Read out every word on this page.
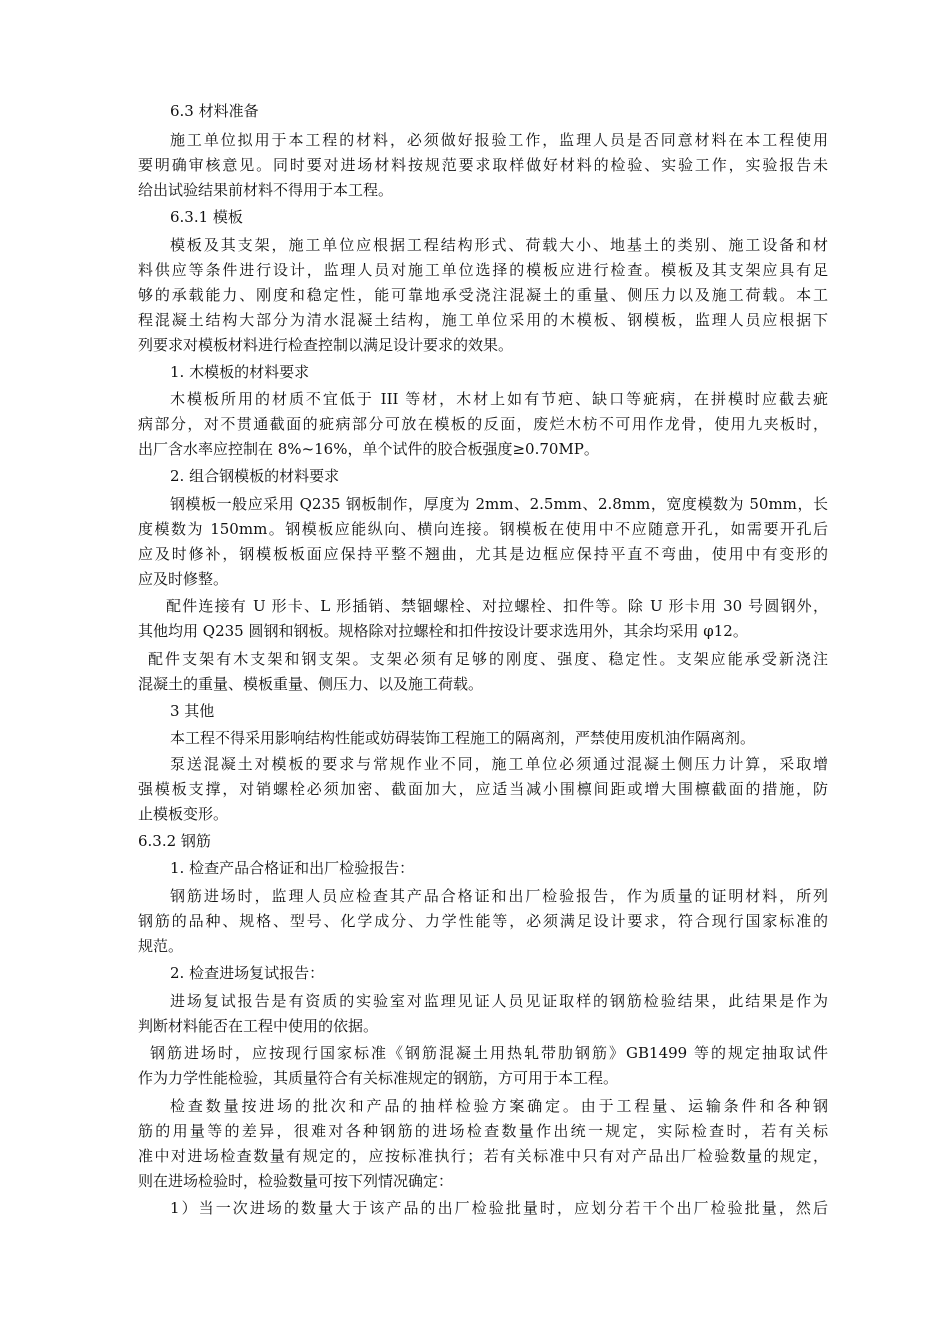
6.3 材料准备
施工单位拟用于本工程的材料，必须做好报验工作，监理人员是否同意材料在本工程使用
要明确审核意见。同时要对进场材料按规范要求取样做好材料的检验、实验工作，实验报告未
给出试验结果前材料不得用于本工程。
6.3.1 模板
模板及其支架，施工单位应根据工程结构形式、荷载大小、地基土的类别、施工设备和材
料供应等条件进行设计，监理人员对施工单位选择的模板应进行检查。模板及其支架应具有足
够的承载能力、刚度和稳定性，能可靠地承受浇注混凝土的重量、侧压力以及施工荷载。本工
程混凝土结构大部分为清水混凝土结构，施工单位采用的木模板、钢模板，监理人员应根据下
列要求对模板材料进行检查控制以满足设计要求的效果。
1. 木模板的材料要求
木模板所用的材质不宜低于 III 等材，木材上如有节疤、缺口等疵病，在拼模时应截去疵
病部分，对不贯通截面的疵病部分可放在模板的反面，废烂木枋不可用作龙骨，使用九夹板时，
出厂含水率应控制在 8%~16%，单个试件的胶合板强度≥0.70MP。
2. 组合钢模板的材料要求
钢模板一般应采用 Q235 钢板制作，厚度为 2mm、2.5mm、2.8mm，宽度模数为 50mm，长
度模数为 150mm。钢模板应能纵向、横向连接。钢模板在使用中不应随意开孔，如需要开孔后
应及时修补，钢模板板面应保持平整不翘曲，尤其是边框应保持平直不弯曲，使用中有变形的
应及时修整。
配件连接有 U 形卡、L 形插销、禁锢螺栓、对拉螺栓、扣件等。除 U 形卡用 30 号圆钢外，
其他均用 Q235 圆钢和钢板。规格除对拉螺栓和扣件按设计要求选用外，其余均采用 φ12。
配件支架有木支架和钢支架。支架必须有足够的刚度、强度、稳定性。支架应能承受新浇注
混凝土的重量、模板重量、侧压力、以及施工荷载。
3 其他
本工程不得采用影响结构性能或妨碍装饰工程施工的隔离剂，严禁使用废机油作隔离剂。
泵送混凝土对模板的要求与常规作业不同，施工单位必须通过混凝土侧压力计算，采取增
强模板支撑，对销螺栓必须加密、截面加大，应适当减小围檩间距或增大围檩截面的措施，防
止模板变形。
6.3.2 钢筋
1. 检查产品合格证和出厂检验报告：
钢筋进场时，监理人员应检查其产品合格证和出厂检验报告，作为质量的证明材料，所列
钢筋的品种、规格、型号、化学成分、力学性能等，必须满足设计要求，符合现行国家标准的
规范。
2. 检查进场复试报告：
进场复试报告是有资质的实验室对监理见证人员见证取样的钢筋检验结果，此结果是作为
判断材料能否在工程中使用的依据。
钢筋进场时，应按现行国家标准《钢筋混凝土用热轧带肋钢筋》GB1499 等的规定抽取试件
作为力学性能检验，其质量符合有关标准规定的钢筋，方可用于本工程。
检查数量按进场的批次和产品的抽样检验方案确定。由于工程量、运输条件和各种钢
筋的用量等的差异，很难对各种钢筋的进场检查数量作出统一规定，实际检查时，若有关标
准中对进场检查数量有规定的，应按标准执行；若有关标准中只有对产品出厂检验数量的规定，
则在进场检验时，检验数量可按下列情况确定：
1）当一次进场的数量大于该产品的出厂检验批量时，应划分若干个出厂检验批量，然后
